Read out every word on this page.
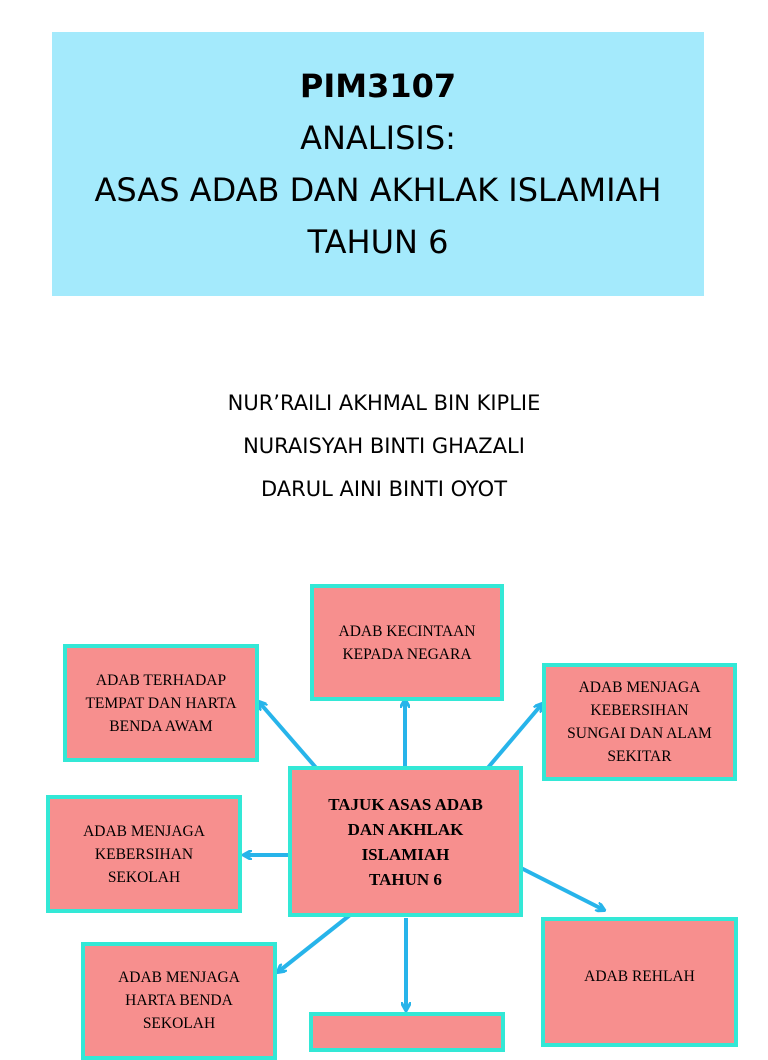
PIM3107
ANALISIS:
ASAS ADAB DAN AKHLAK ISLAMIAH
TAHUN 6
NUR’RAILI AKHMAL BIN KIPLIE
NURAISYAH BINTI GHAZALI
DARUL AINI BINTI OYOT
ADAB KECINTAAN
KEPADA NEGARA
ADAB TERHADAP
TEMPAT DAN HARTA
BENDA AWAM
ADAB MENJAGA
KEBERSIHAN
SUNGAI DAN ALAM
SEKITAR
TAJUK ASAS ADAB
DAN AKHLAK
ISLAMIAH
TAHUN 6
ADAB MENJAGA
KEBERSIHAN
SEKOLAH
ADAB MENJAGA
HARTA BENDA
SEKOLAH
ADAB REHLAH
